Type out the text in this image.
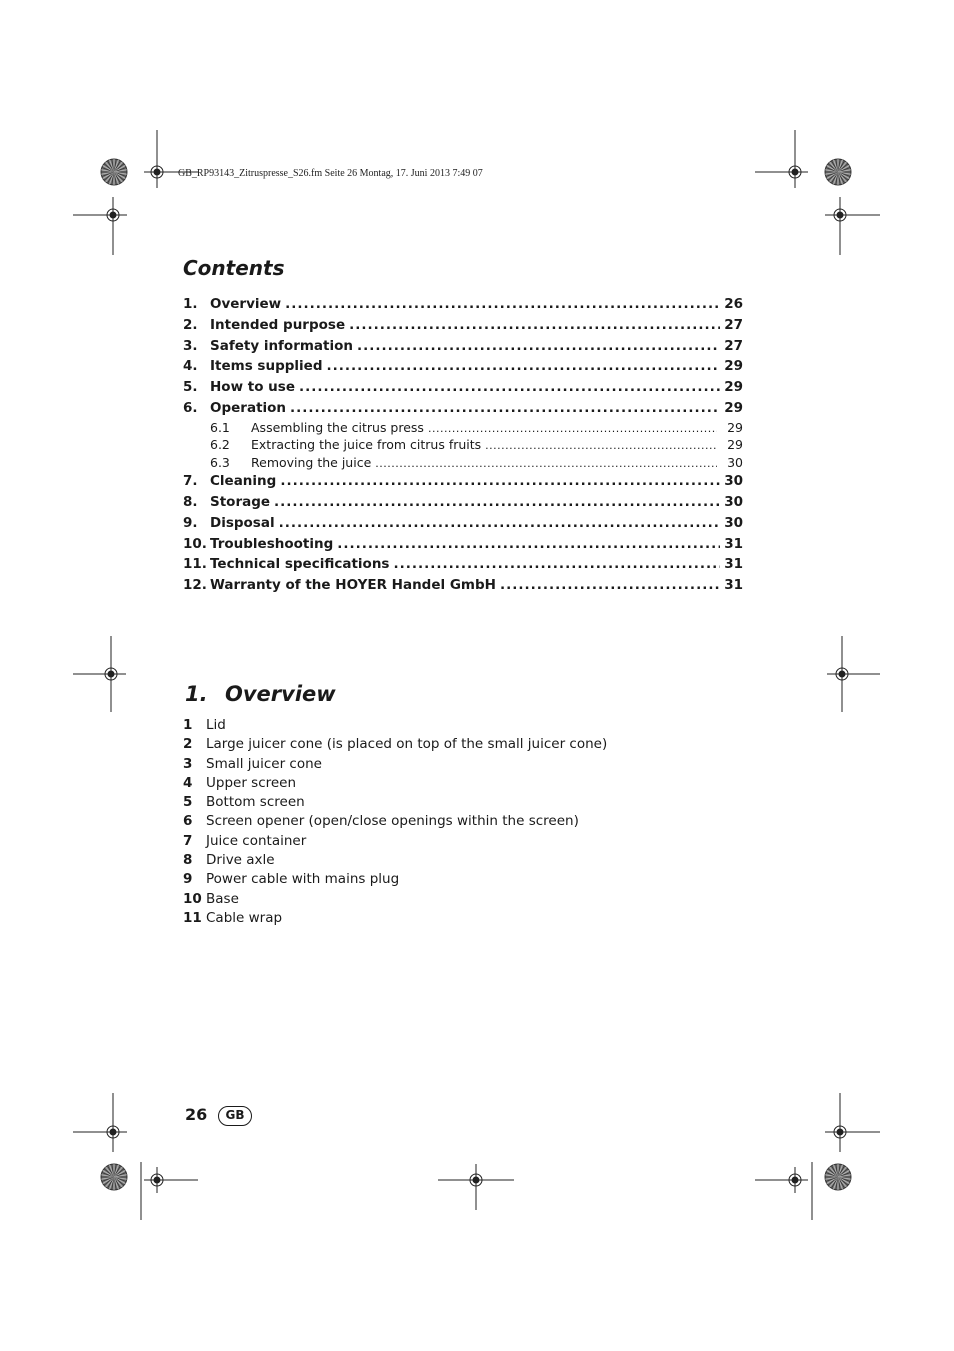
GB_RP93143_Zitruspresse_S26.fm Seite 26 Montag, 17. Juni 2013 7:49 07
Contents
1. Overview .....	26
2. Intended purpose .....	27
3. Safety information .....	27
4. Items supplied .....	29
5. How to use .....	29
6. Operation .....	29
6.1	Assembling the citrus press .....	29
6.2	Extracting the juice from citrus fruits .....	29
6.3	Removing the juice .....	30
7. Cleaning .....	30
8. Storage .....	30
9. Disposal .....	30
10. Troubleshooting .....	31
11. Technical specifications .....	31
12. Warranty of the HOYER Handel GmbH .....	31
1. Overview
1	Lid
2	Large juicer cone (is placed on top of the small juicer cone)
3	Small juicer cone
4	Upper screen
5	Bottom screen
6	Screen opener (open/close openings within the screen)
7	Juice container
8	Drive axle
9	Power cable with mains plug
10 Base
11 Cable wrap
26	GB
